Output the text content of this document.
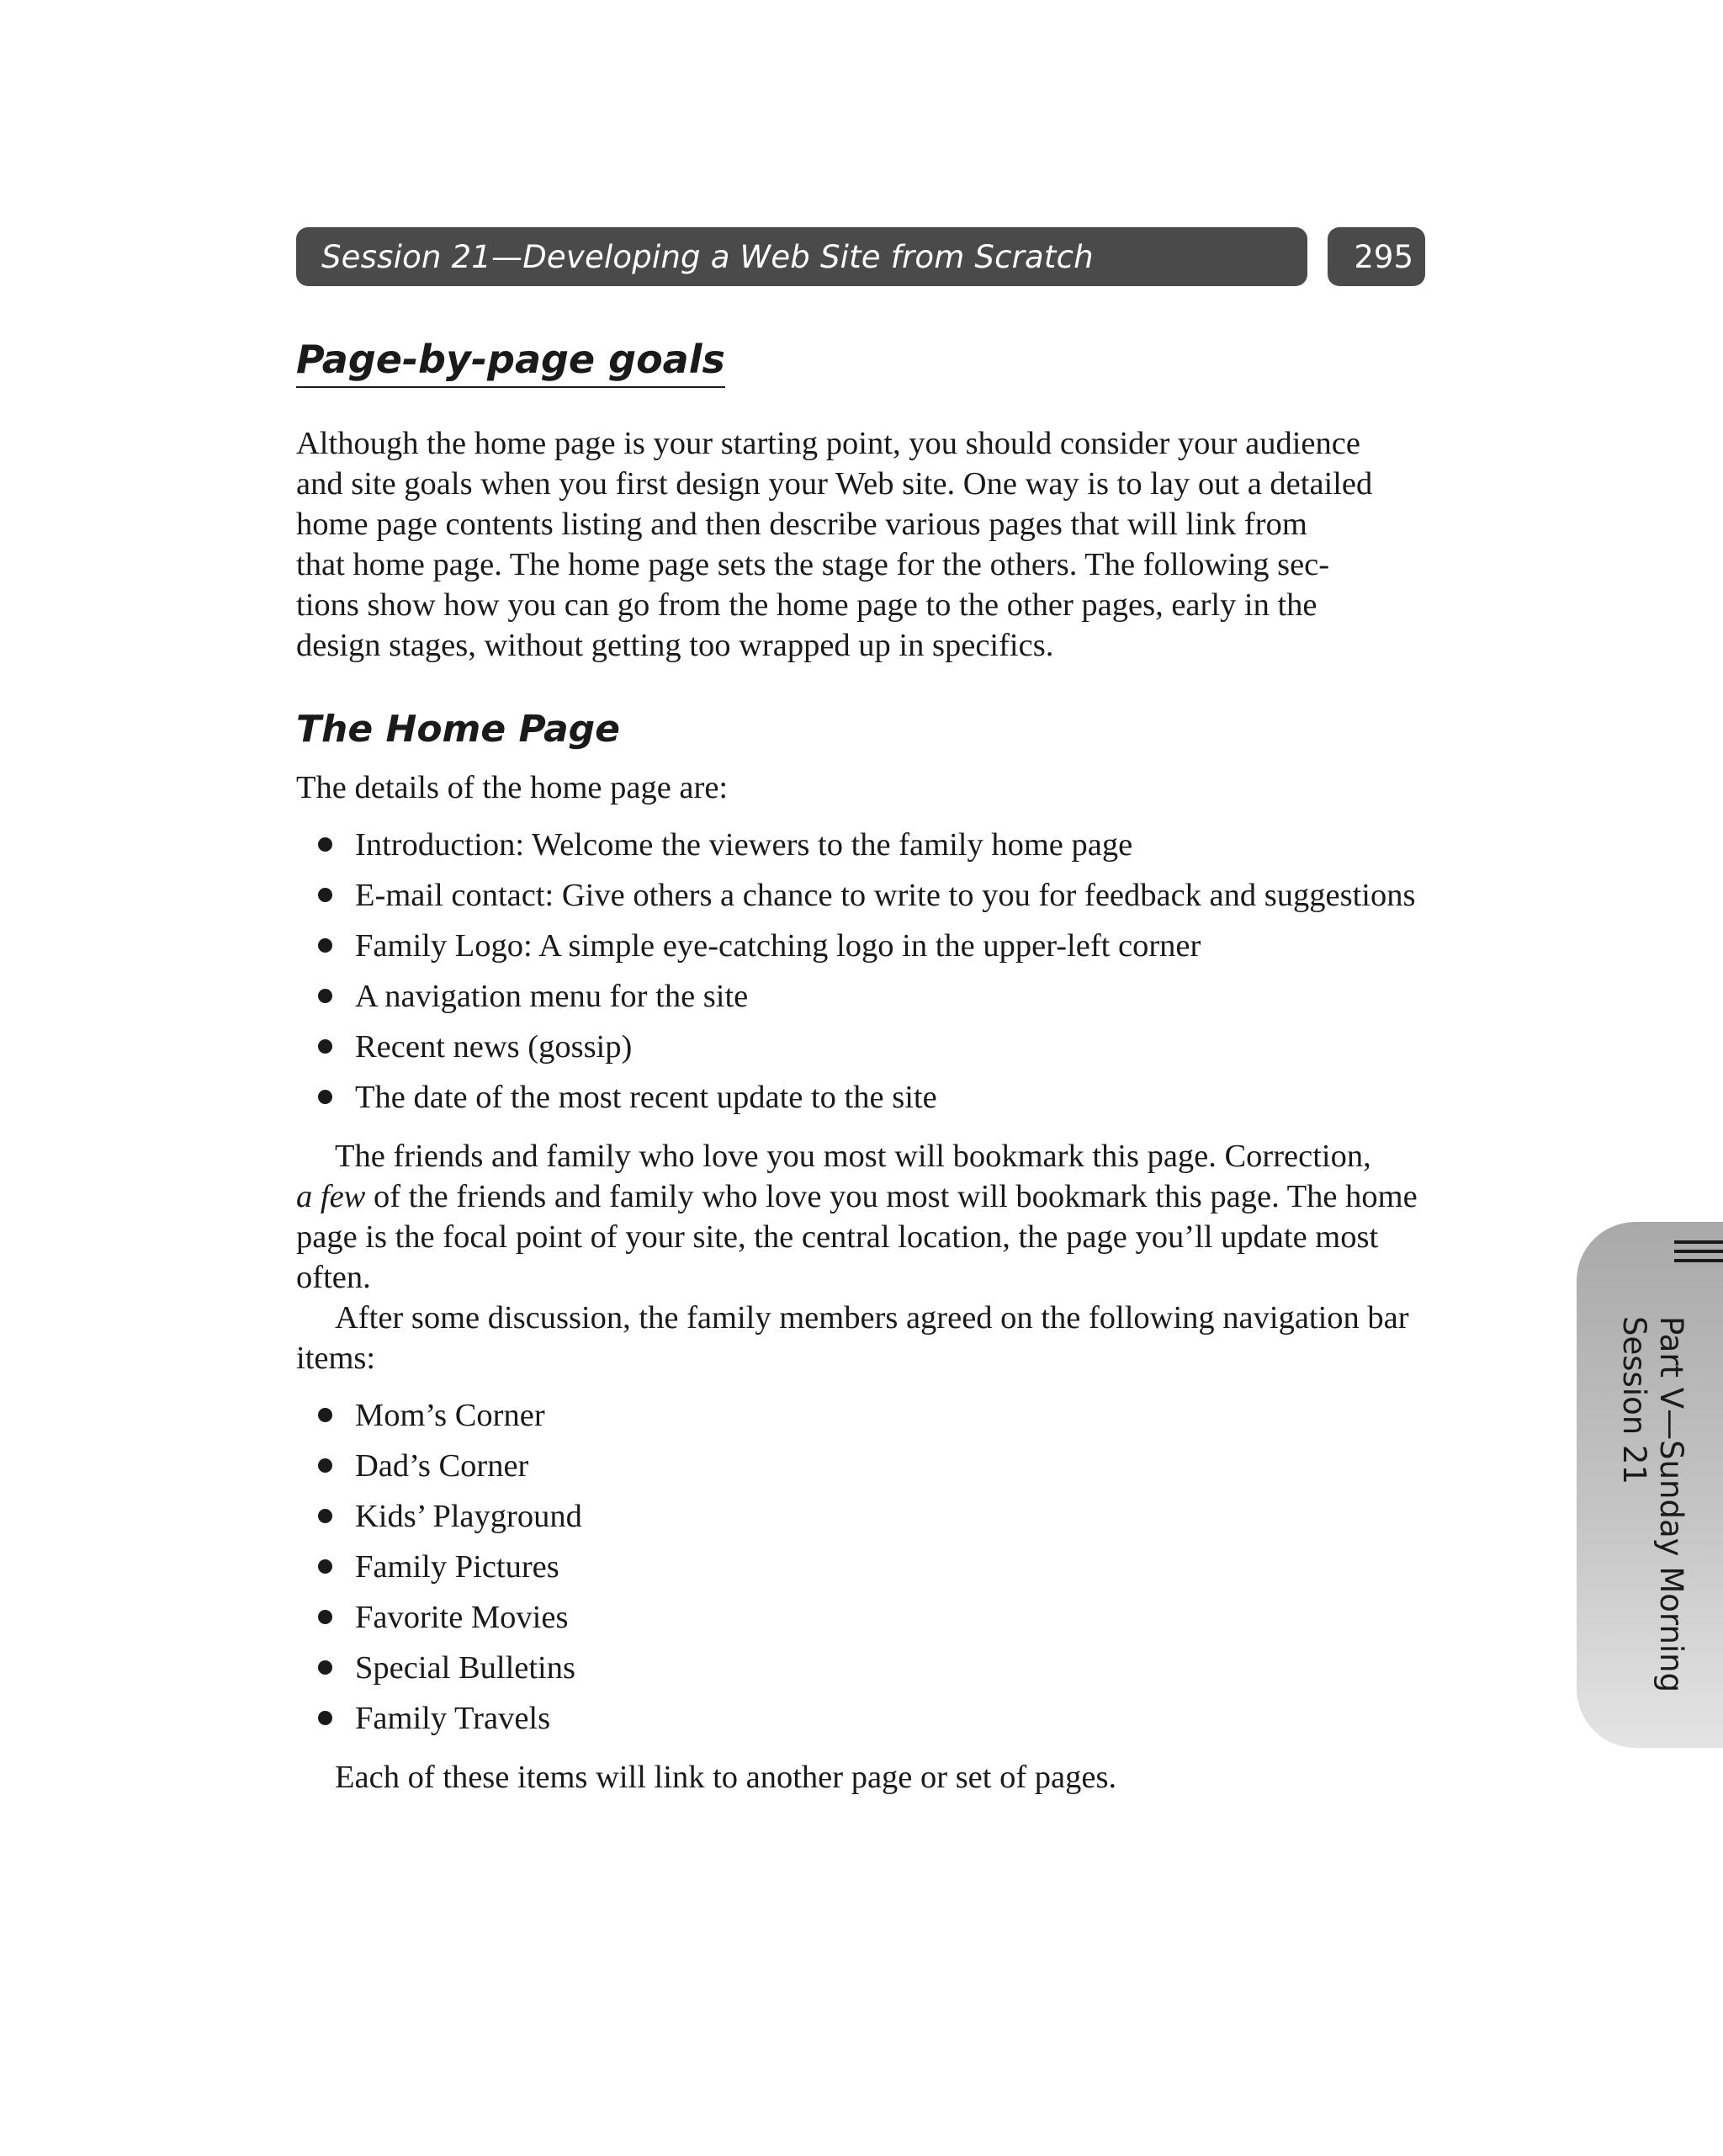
Session 21—Developing a Web Site from Scratch	295
Page-by-page goals

Although the home page is your starting point, you should consider your audience
and site goals when you first design your Web site. One way is to lay out a detailed
home page contents listing and then describe various pages that will link from
that home page. The home page sets the stage for the others. The following sec-
tions show how you can go from the home page to the other pages, early in the
design stages, without getting too wrapped up in specifics.

The Home Page

The details of the home page are:

Introduction: Welcome the viewers to the family home page
E-mail contact: Give others a chance to write to you for feedback and suggestions
Family Logo: A simple eye-catching logo in the upper-left corner
A navigation menu for the site
Recent news (gossip)
The date of the most recent update to the site

The friends and family who love you most will bookmark this page. Correction,
a few of the friends and family who love you most will bookmark this page. The home page is the focal point of your site, the central location, the page you’ll update most often.

After some discussion, the family members agreed on the following navigation bar items:

Mom’s Corner
Dad’s Corner
Kids’ Playground
Family Pictures
Favorite Movies
Special Bulletins
Family Travels

Each of these items will link to another page or set of pages.

Part V—Sunday Morning
Session 21
